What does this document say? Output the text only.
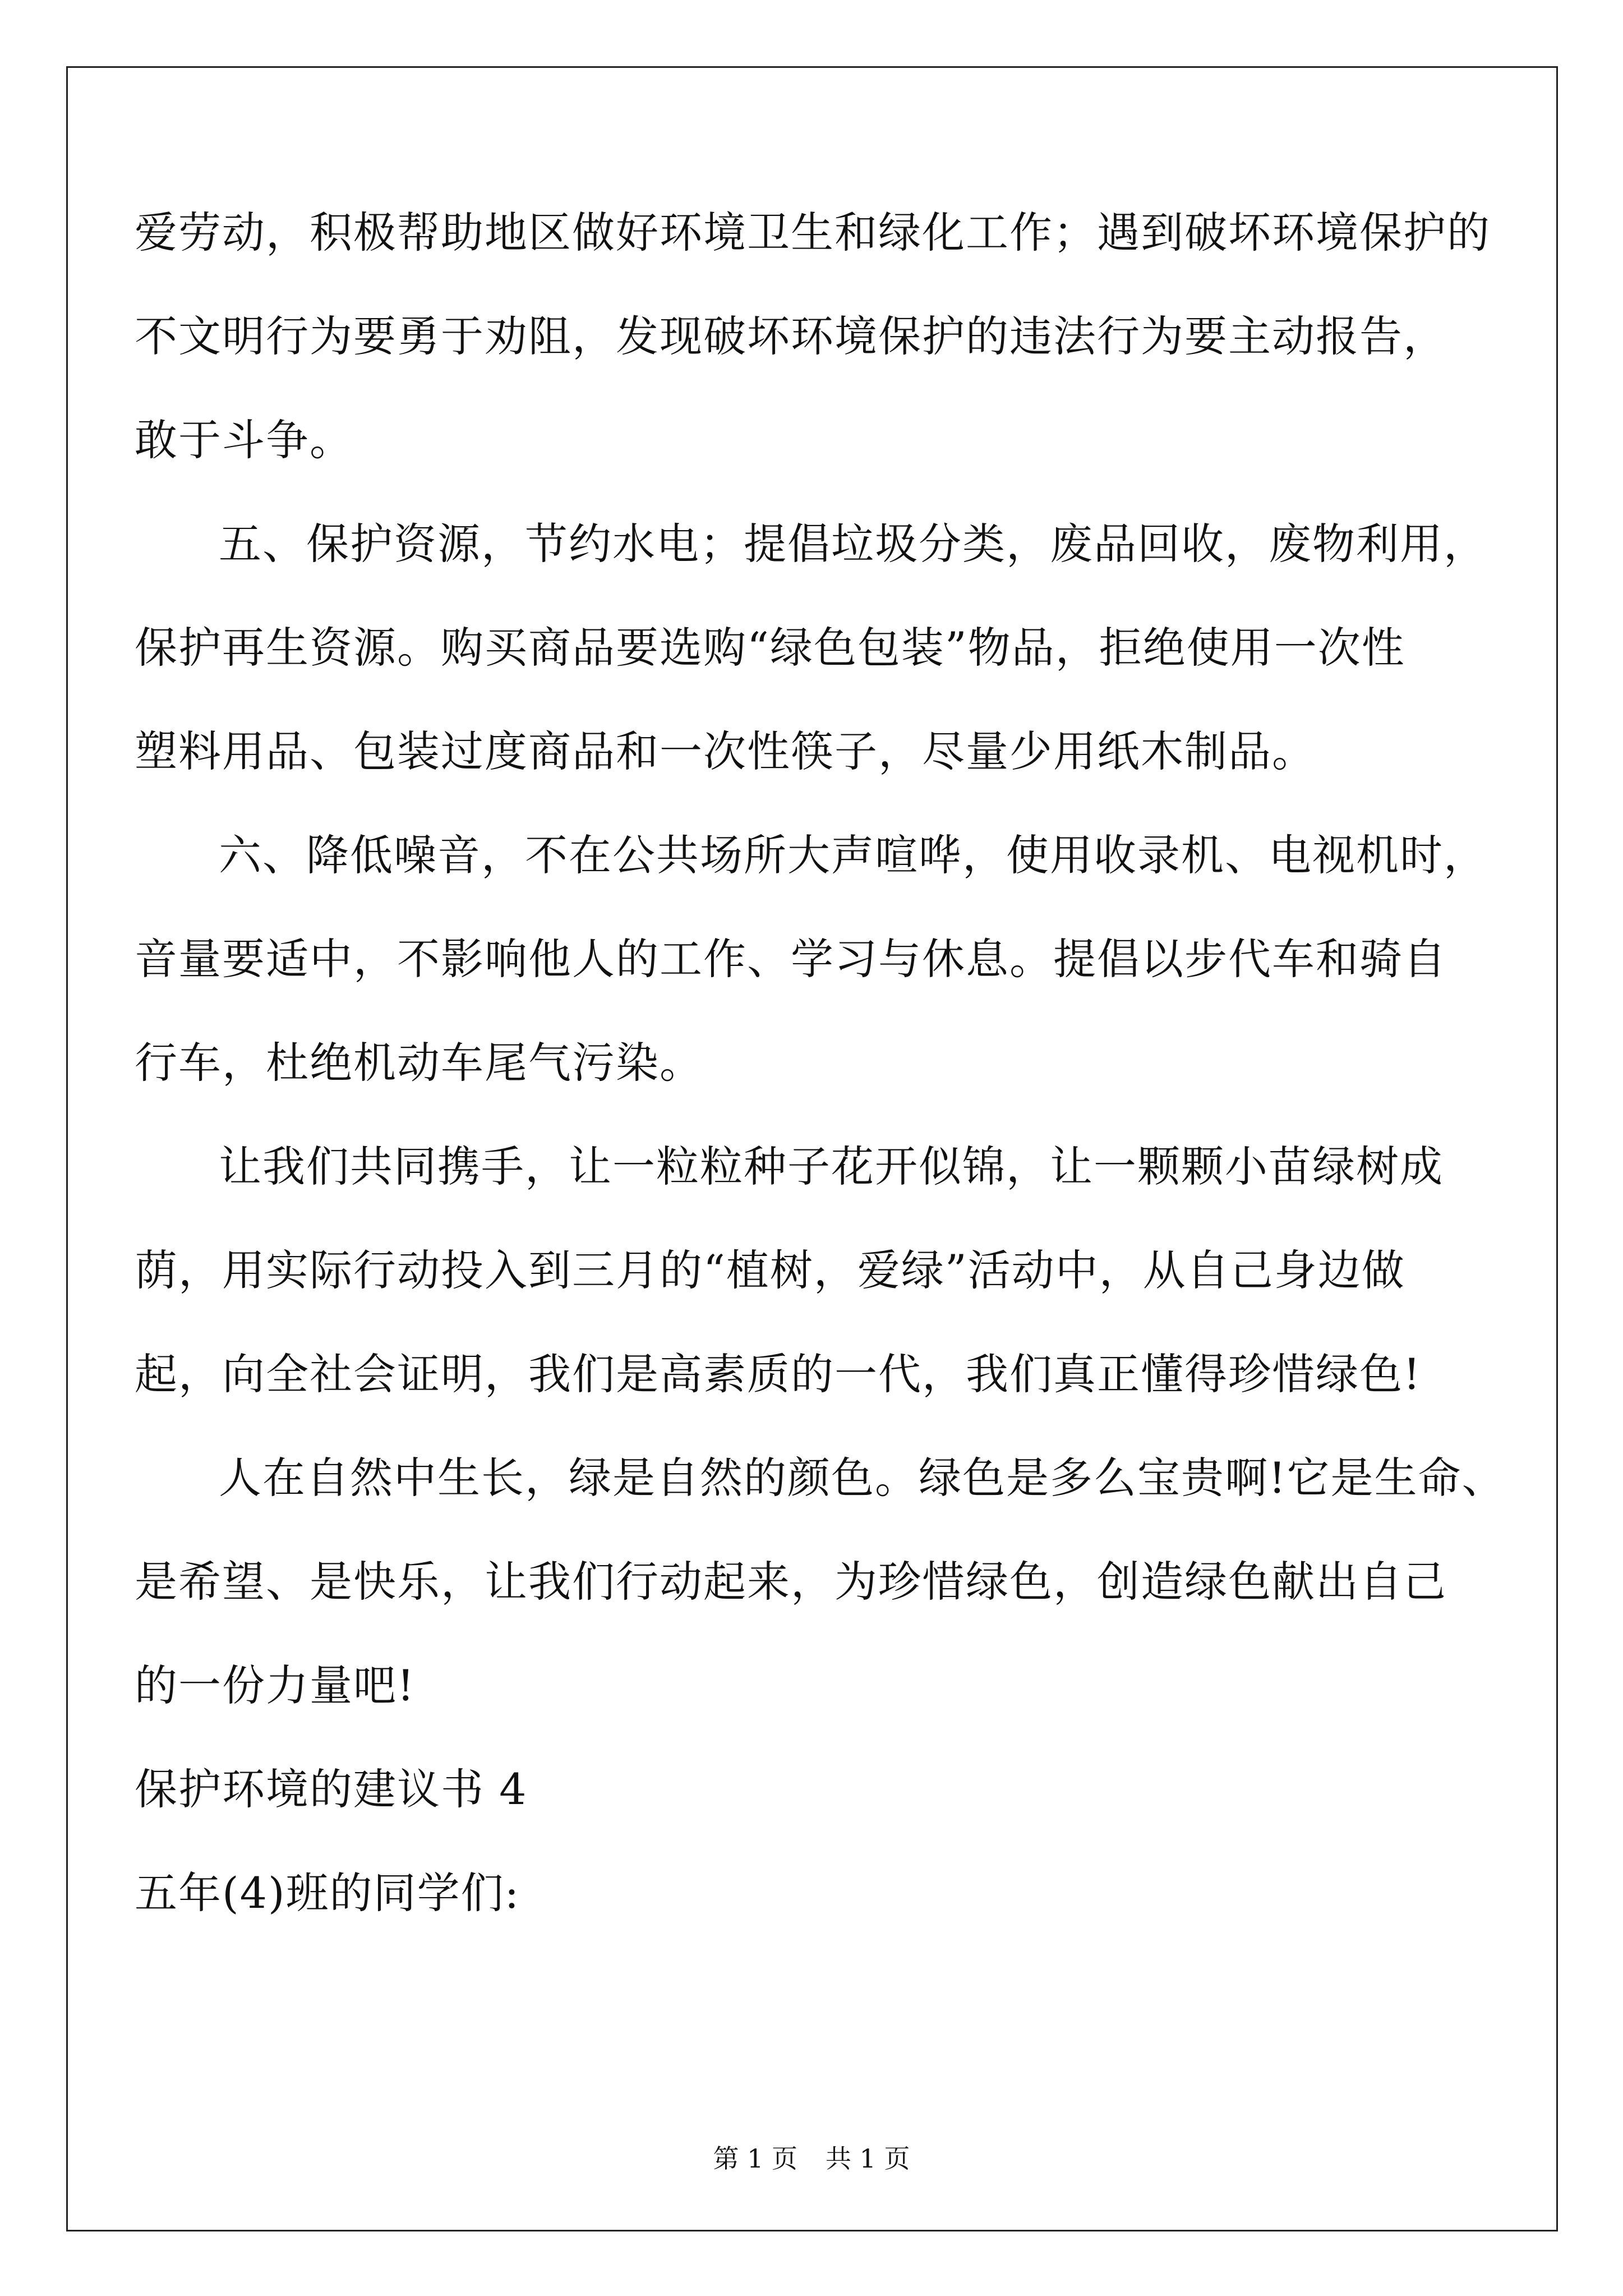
爱劳动，积极帮助地区做好环境卫生和绿化工作；遇到破坏环境保护的
不文明行为要勇于劝阻，发现破坏环境保护的违法行为要主动报告，
敢于斗争。
五、保护资源，节约水电；提倡垃圾分类，废品回收，废物利用，
保护再生资源。购买商品要选购“绿色包装”物品，拒绝使用一次性
塑料用品、包装过度商品和一次性筷子，尽量少用纸木制品。
六、降低噪音，不在公共场所大声喧哗，使用收录机、电视机时，
音量要适中，不影响他人的工作、学习与休息。提倡以步代车和骑自
行车，杜绝机动车尾气污染。
让我们共同携手，让一粒粒种子花开似锦，让一颗颗小苗绿树成
荫，用实际行动投入到三月的“植树，爱绿”活动中，从自己身边做
起，向全社会证明，我们是高素质的一代，我们真正懂得珍惜绿色!
人在自然中生长，绿是自然的颜色。绿色是多么宝贵啊!它是生命、
是希望、是快乐，让我们行动起来，为珍惜绿色，创造绿色献出自己
的一份力量吧!
保护环境的建议书 4
五年(4)班的同学们:
第 1 页 共 1 页
